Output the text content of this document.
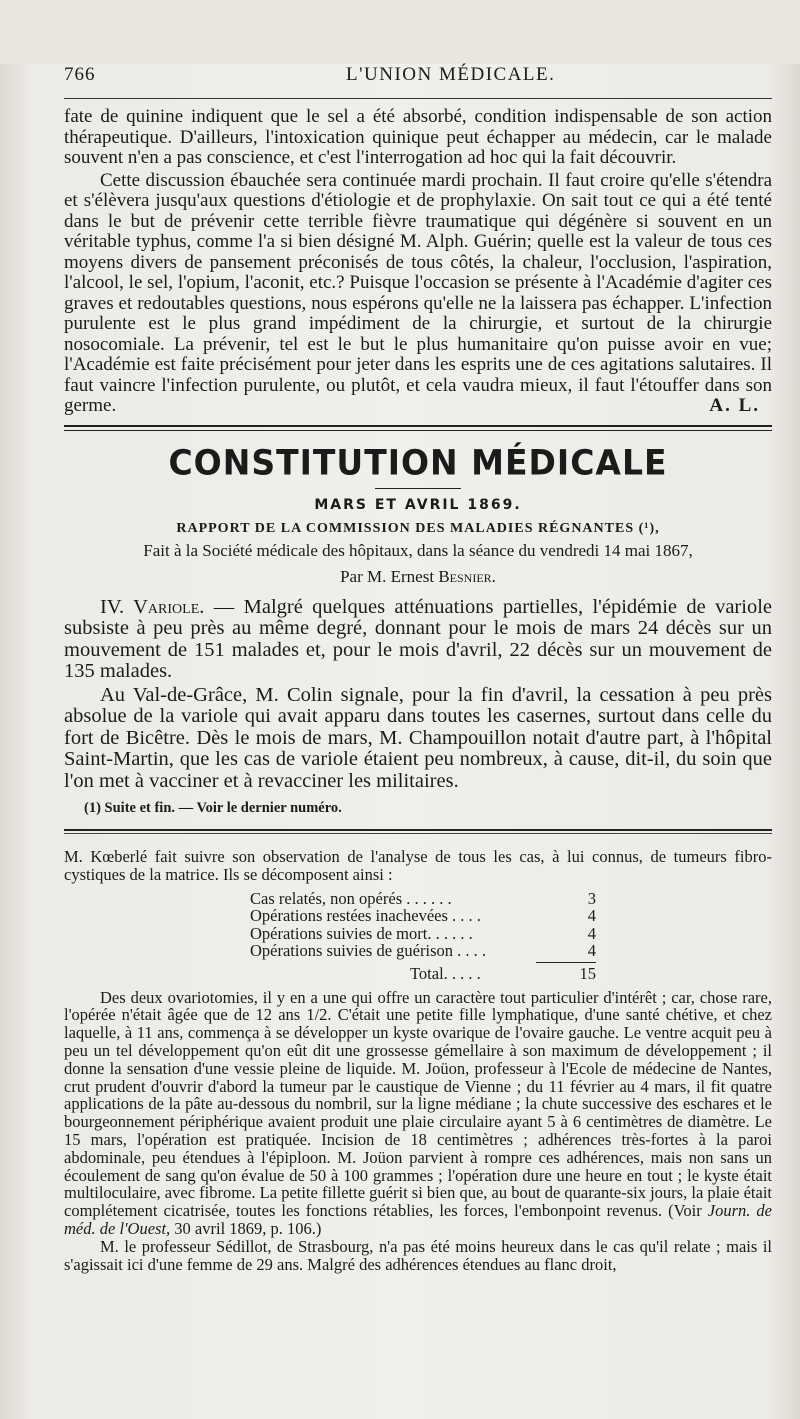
766	L'UNION MÉDICALE.

fate de quinine indiquent que le sel a été absorbé, condition indispensable de son action thérapeutique. D'ailleurs, l'intoxication quinique peut échapper au médecin, car le malade souvent n'en a pas conscience, et c'est l'interrogation ad hoc qui la fait découvrir.

Cette discussion ébauchée sera continuée mardi prochain. Il faut croire qu'elle s'étendra et s'élèvera jusqu'aux questions d'étiologie et de prophylaxie. On sait tout ce qui a été tenté dans le but de prévenir cette terrible fièvre traumatique qui dégénère si souvent en un véritable typhus, comme l'a si bien désigné M. Alph. Guérin; quelle est la valeur de tous ces moyens divers de pansement préconisés de tous côtés, la chaleur, l'occlusion, l'aspiration, l'alcool, le sel, l'opium, l'aconit, etc.? Puisque l'occasion se présente à l'Académie d'agiter ces graves et redoutables questions, nous espérons qu'elle ne la laissera pas échapper. L'infection purulente est le plus grand impédiment de la chirurgie, et surtout de la chirurgie nosocomiale. La prévenir, tel est le but le plus humanitaire qu'on puisse avoir en vue; l'Académie est faite précisément pour jeter dans les esprits une de ces agitations salutaires. Il faut vaincre l'infection purulente, ou plutôt, et cela vaudra mieux, il faut l'étouffer dans son germe.	A. L.

CONSTITUTION MÉDICALE
MARS ET AVRIL 1869.
RAPPORT DE LA COMMISSION DES MALADIES RÉGNANTES (¹),
Fait à la Société médicale des hôpitaux, dans la séance du vendredi 14 mai 1867,
Par M. Ernest Besnier.

IV. Variole. — Malgré quelques atténuations partielles, l'épidémie de variole subsiste à peu près au même degré, donnant pour le mois de mars 24 décès sur un mouvement de 151 malades et, pour le mois d'avril, 22 décès sur un mouvement de 135 malades.

Au Val-de-Grâce, M. Colin signale, pour la fin d'avril, la cessation à peu près absolue de la variole qui avait apparu dans toutes les casernes, surtout dans celle du fort de Bicêtre. Dès le mois de mars, M. Champouillon notait d'autre part, à l'hôpital Saint-Martin, que les cas de variole étaient peu nombreux, à cause, dit-il, du soin que l'on met à vacciner et à revacciner les militaires.

(1) Suite et fin. — Voir le dernier numéro.

M. Kœberlé fait suivre son observation de l'analyse de tous les cas, à lui connus, de tumeurs fibro-cystiques de la matrice. Ils se décomposent ainsi :

Cas relatés, non opérés . . . . . .	3
Opérations restées inachevées . . . .	4
Opérations suivies de mort. . . . . .	4
Opérations suivies de guérison . . . .	4
Total. . . . .	15

Des deux ovariotomies, il y en a une qui offre un caractère tout particulier d'intérêt ; car, chose rare, l'opérée n'était âgée que de 12 ans 1/2. C'était une petite fille lymphatique, d'une santé chétive, et chez laquelle, à 11 ans, commença à se développer un kyste ovarique de l'ovaire gauche. Le ventre acquit peu à peu un tel développement qu'on eût dit une grossesse gémellaire à son maximum de développement ; il donne la sensation d'une vessie pleine de liquide. M. Joüon, professeur à l'Ecole de médecine de Nantes, crut prudent d'ouvrir d'abord la tumeur par le caustique de Vienne ; du 11 février au 4 mars, il fit quatre applications de la pâte au-dessous du nombril, sur la ligne médiane ; la chute successive des eschares et le bourgeonnement périphérique avaient produit une plaie circulaire ayant 5 à 6 centimètres de diamètre. Le 15 mars, l'opération est pratiquée. Incision de 18 centimètres ; adhérences très-fortes à la paroi abdominale, peu étendues à l'épiploon. M. Joüon parvient à rompre ces adhérences, mais non sans un écoulement de sang qu'on évalue de 50 à 100 grammes ; l'opération dure une heure en tout ; le kyste était multiloculaire, avec fibrome. La petite fillette guérit si bien que, au bout de quarante-six jours, la plaie était complétement cicatrisée, toutes les fonctions rétablies, les forces, l'embonpoint revenus. (Voir Journ. de méd. de l'Ouest, 30 avril 1869, p. 106.)

M. le professeur Sédillot, de Strasbourg, n'a pas été moins heureux dans le cas qu'il relate ; mais il s'agissait ici d'une femme de 29 ans. Malgré des adhérences étendues au flanc droit,
